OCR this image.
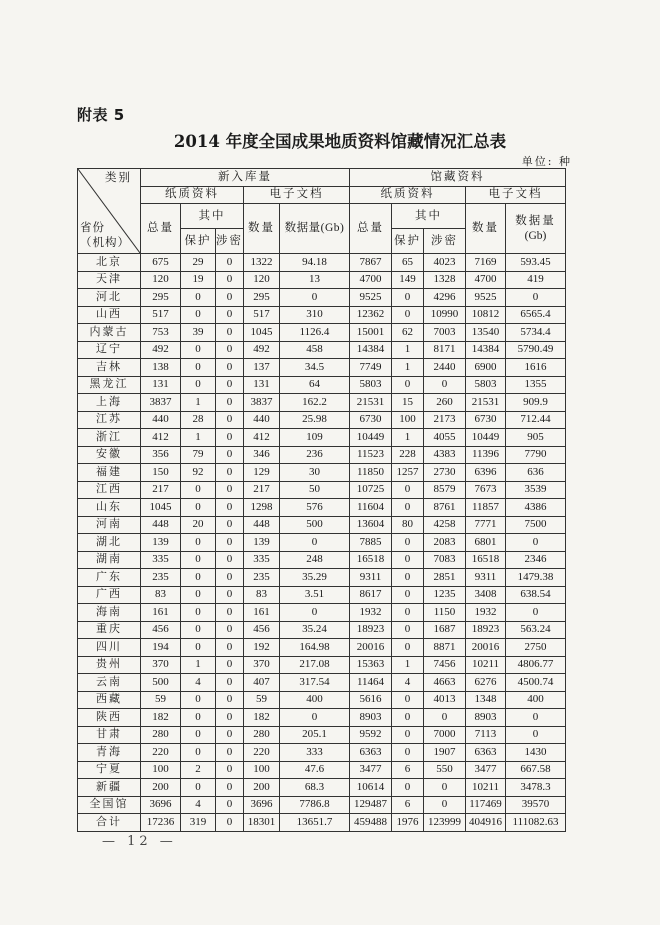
附表 5
2014 年度全国成果地质资料馆藏情况汇总表
单位: 种
类别
省份
（机构）	新入库量					馆藏资料				
	纸质资料			电子文档		纸质资料			电子文档	
	总量	其中		数量	数据量(Gb)	总量	其中		数量	数据量
(Gb)

		保护	涉密				保护	涉密		
北京	675	29	0	1322	94.18	7867	65	4023	7169	593.45
天津	120	19	0	120	13	4700	149	1328	4700	419
河北	295	0	0	295	0	9525	0	4296	9525	0
山西	517	0	0	517	310	12362	0	10990	10812	6565.4
内蒙古	753	39	0	1045	1126.4	15001	62	7003	13540	5734.4
辽宁	492	0	0	492	458	14384	1	8171	14384	5790.49
吉林	138	0	0	137	34.5	7749	1	2440	6900	1616
黑龙江	131	0	0	131	64	5803	0	0	5803	1355
上海	3837	1	0	3837	162.2	21531	15	260	21531	909.9
江苏	440	28	0	440	25.98	6730	100	2173	6730	712.44
浙江	412	1	0	412	109	10449	1	4055	10449	905
安徽	356	79	0	346	236	11523	228	4383	11396	7790
福建	150	92	0	129	30	11850	1257	2730	6396	636
江西	217	0	0	217	50	10725	0	8579	7673	3539
山东	1045	0	0	1298	576	11604	0	8761	11857	4386
河南	448	20	0	448	500	13604	80	4258	7771	7500
湖北	139	0	0	139	0	7885	0	2083	6801	0
湖南	335	0	0	335	248	16518	0	7083	16518	2346
广东	235	0	0	235	35.29	9311	0	2851	9311	1479.38
广西	83	0	0	83	3.51	8617	0	1235	3408	638.54
海南	161	0	0	161	0	1932	0	1150	1932	0
重庆	456	0	0	456	35.24	18923	0	1687	18923	563.24
四川	194	0	0	192	164.98	20016	0	8871	20016	2750
贵州	370	1	0	370	217.08	15363	1	7456	10211	4806.77
云南	500	4	0	407	317.54	11464	4	4663	6276	4500.74
西藏	59	0	0	59	400	5616	0	4013	1348	400
陕西	182	0	0	182	0	8903	0	0	8903	0
甘肃	280	0	0	280	205.1	9592	0	7000	7113	0
青海	220	0	0	220	333	6363	0	1907	6363	1430
宁夏	100	2	0	100	47.6	3477	6	550	3477	667.58
新疆	200	0	0	200	68.3	10614	0	0	10211	3478.3
全国馆	3696	4	0	3696	7786.8	129487	6	0	117469	39570
合计	17236	319	0	18301	13651.7	459488	1976	123999	404916	111082.63
— 12 —
